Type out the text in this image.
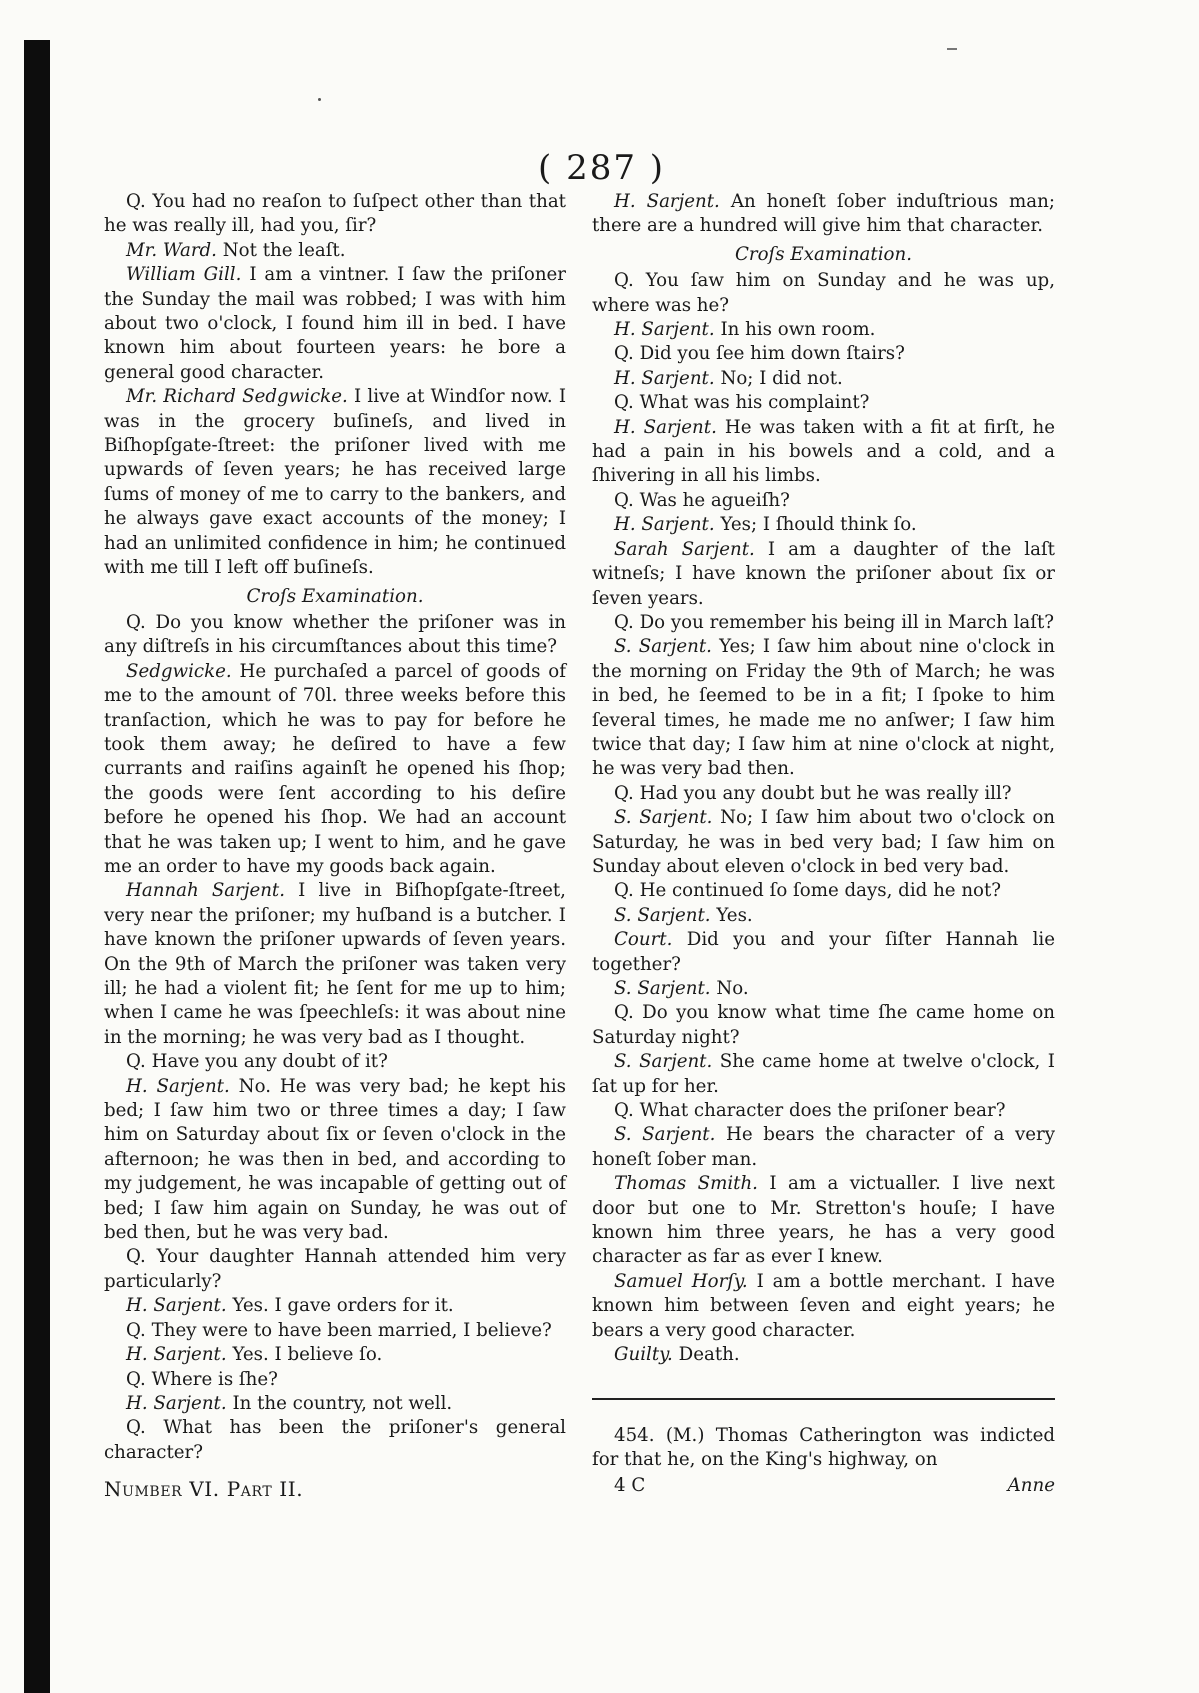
( 287 )

Q. You had no reaſon to ſuſpect other than that he was really ill, had you, ſir?

Mr. Ward. Not the leaſt.

William Gill. I am a vintner. I ſaw the priſoner the Sunday the mail was robbed; I was with him about two o'clock, I found him ill in bed. I have known him about fourteen years: he bore a general good character.

Mr. Richard Sedgwicke. I live at Windſor now. I was in the grocery buſineſs, and lived in Biſhopſgate-ſtreet: the priſoner lived with me upwards of ſeven years; he has received large ſums of money of me to carry to the bankers, and he always gave exact accounts of the money; I had an unlimited confidence in him; he continued with me till I left off buſineſs.

Croſs Examination.

Q. Do you know whether the priſoner was in any diſtreſs in his circumſtances about this time?

Sedgwicke. He purchaſed a parcel of goods of me to the amount of 70l. three weeks before this tranſaction, which he was to pay for before he took them away; he deſired to have a few currants and raiſins againſt he opened his ſhop; the goods were ſent according to his deſire before he opened his ſhop. We had an account that he was taken up; I went to him, and he gave me an order to have my goods back again.

Hannah Sarjent. I live in Biſhopſgate-ſtreet, very near the priſoner; my huſband is a butcher. I have known the priſoner upwards of ſeven years. On the 9th of March the priſoner was taken very ill; he had a violent fit; he ſent for me up to him; when I came he was ſpeechleſs: it was about nine in the morning; he was very bad as I thought.

Q. Have you any doubt of it?

H. Sarjent. No. He was very bad; he kept his bed; I ſaw him two or three times a day; I ſaw him on Saturday about ſix or ſeven o'clock in the afternoon; he was then in bed, and according to my judgement, he was incapable of getting out of bed; I ſaw him again on Sunday, he was out of bed then, but he was very bad.

Q. Your daughter Hannah attended him very particularly?

H. Sarjent. Yes. I gave orders for it.

Q. They were to have been married, I believe?

H. Sarjent. Yes. I believe ſo.

Q. Where is ſhe?

H. Sarjent. In the country, not well.

Q. What has been the priſoner's general character?

Number VI. Part II.

H. Sarjent. An honeſt ſober induſtrious man; there are a hundred will give him that character.

Croſs Examination.

Q. You ſaw him on Sunday and he was up, where was he?

H. Sarjent. In his own room.

Q. Did you ſee him down ſtairs?

H. Sarjent. No; I did not.

Q. What was his complaint?

H. Sarjent. He was taken with a fit at firſt, he had a pain in his bowels and a cold, and a ſhivering in all his limbs.

Q. Was he agueiſh?

H. Sarjent. Yes; I ſhould think ſo.

Sarah Sarjent. I am a daughter of the laſt witneſs; I have known the priſoner about ſix or ſeven years.

Q. Do you remember his being ill in March laſt?

S. Sarjent. Yes; I ſaw him about nine o'clock in the morning on Friday the 9th of March; he was in bed, he ſeemed to be in a fit; I ſpoke to him ſeveral times, he made me no anſwer; I ſaw him twice that day; I ſaw him at nine o'clock at night, he was very bad then.

Q. Had you any doubt but he was really ill?

S. Sarjent. No; I ſaw him about two o'clock on Saturday, he was in bed very bad; I ſaw him on Sunday about eleven o'clock in bed very bad.

Q. He continued ſo ſome days, did he not?

S. Sarjent. Yes.

Court. Did you and your ſiſter Hannah lie together?

S. Sarjent. No.

Q. Do you know what time ſhe came home on Saturday night?

S. Sarjent. She came home at twelve o'clock, I ſat up for her.

Q. What character does the priſoner bear?

S. Sarjent. He bears the character of a very honeſt ſober man.

Thomas Smith. I am a victualler. I live next door but one to Mr. Stretton's houſe; I have known him three years, he has a very good character as far as ever I knew.

Samuel Horſy. I am a bottle merchant. I have known him between ſeven and eight years; he bears a very good character.

Guilty. Death.

454. (M.) Thomas Catherington was indicted for that he, on the King's highway, on

4 C	Anne
